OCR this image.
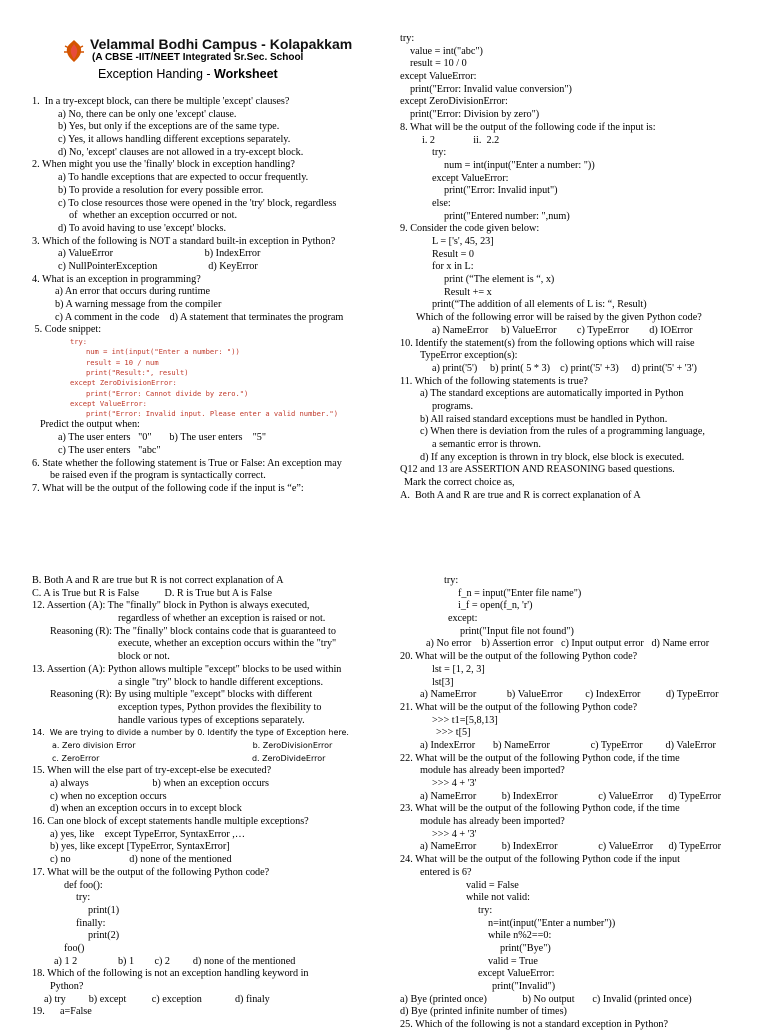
Velammal Bodhi Campus - Kolapakkam
(A CBSE -IIT/NEET Integrated Sr.Sec. School
Exception Handing - Worksheet
1.  In a try-except block, can there be multiple 'except' clauses?
a) No, there can be only one 'except' clause.
b) Yes, but only if the exceptions are of the same type.
c) Yes, it allows handling different exceptions separately.
d) No, 'except' clauses are not allowed in a try-except block.
2. When might you use the 'finally' block in exception handling?
a) To handle exceptions that are expected to occur frequently.
b) To provide a resolution for every possible error.
c) To close resources those were opened in the 'try' block, regardless
of  whether an exception occurred or not.
d) To avoid having to use 'except' blocks.
3. Which of the following is NOT a standard built-in exception in Python?
a) ValueError                                    b) IndexError
c) NullPointerException                    d) KeyError
4. What is an exception in programming?
a) An error that occurs during runtime
b) A warning message from the compiler
c) A comment in the code    d) A statement that terminates the program
5. Code snippet:
try:
num = int(input("Enter a number: "))
result = 10 / num
print("Result:", result)
except ZeroDivisionError:
print("Error: Cannot divide by zero.")
except ValueError:
print("Error: Invalid input. Please enter a valid number.")
Predict the output when:
a) The user enters   "0"       b) The user enters    "5"
c) The user enters   "abc"
6. State whether the following statement is True or False: An exception may
be raised even if the program is syntactically correct.
7. What will be the output of the following code if the input is “e”:
try:
value = int("abc")
result = 10 / 0
except ValueError:
print("Error: Invalid value conversion")
except ZeroDivisionError:
print("Error: Division by zero")
8. What will be the output of the following code if the input is:
i. 2               ii.  2.2
try:
num = int(input("Enter a number: "))
except ValueError:
print("Error: Invalid input")
else:
print("Entered number: ",num)
9. Consider the code given below:
L = ['s', 45, 23]
Result = 0
for x in L:
print (“The element is “, x)
Result += x
print(“The addition of all elements of L is: “, Result)
Which of the following error will be raised by the given Python code?
a) NameError     b) ValueError        c) TypeError        d) IOError
10. Identify the statement(s) from the following options which will raise
TypeError exception(s):
a) print('5')     b) print( 5 * 3)    c) print('5' +3)     d) print('5' + '3')
11. Which of the following statements is true?
a) The standard exceptions are automatically imported in Python
programs.
b) All raised standard exceptions must be handled in Python.
c) When there is deviation from the rules of a programming language,
a semantic error is thrown.
d) If any exception is thrown in try block, else block is executed.
Q12 and 13 are ASSERTION AND REASONING based questions.
Mark the correct choice as,
A.  Both A and R are true and R is correct explanation of A
B. Both A and R are true but R is not correct explanation of A
C. A is True but R is False          D. R is True but A is False
12. Assertion (A): The "finally" block in Python is always executed,
regardless of whether an exception is raised or not.
Reasoning (R): The "finally" block contains code that is guaranteed to
execute, whether an exception occurs within the "try"
block or not.
13. Assertion (A): Python allows multiple "except" blocks to be used within
a single "try" block to handle different exceptions.
Reasoning (R): By using multiple "except" blocks with different
exception types, Python provides the flexibility to
handle various types of exceptions separately.
14.  We are trying to divide a number by 0. Identify the type of Exception here.
a. Zero division Error                                              b. ZeroDivisionError
c. ZeroError                                                            d. ZeroDivideError
15. When will the else part of try-except-else be executed?
a) always                         b) when an exception occurs
c) when no exception occurs
d) when an exception occurs in to except block
16. Can one block of except statements handle multiple exceptions?
a) yes, like    except TypeError, SyntaxError ,…
b) yes, like except [TypeError, SyntaxError]
c) no                       d) none of the mentioned
17. What will be the output of the following Python code?
def foo():
try:
print(1)
finally:
print(2)
foo()
a) 1 2                b) 1        c) 2         d) none of the mentioned
18. Which of the following is not an exception handling keyword in
Python?
a) try         b) except          c) exception             d) finaly
19.      a=False
try:
f_n = input("Enter file name")
i_f = open(f_n, 'r')
except:
print("Input file not found")
a) No error    b) Assertion error   c) Input output error   d) Name error
20. What will be the output of the following Python code?
lst = [1, 2, 3]
lst[3]
a) NameError            b) ValueError         c) IndexError          d) TypeError
21. What will be the output of the following Python code?
>>> t1=[5,8,13]
>>> t[5]
a) IndexError       b) NameError                c) TypeError         d) ValeError
22. What will be the output of the following Python code, if the time
module has already been imported?
>>> 4 + '3'
a) NameError          b) IndexError                c) ValueError      d) TypeError
23. What will be the output of the following Python code, if the time
module has already been imported?
>>> 4 + '3'
a) NameError          b) IndexError                c) ValueError      d) TypeError
24. What will be the output of the following Python code if the input
entered is 6?
valid = False
while not valid:
try:
n=int(input("Enter a number"))
while n%2==0:
print("Bye")
valid = True
except ValueError:
print("Invalid")
a) Bye (printed once)              b) No output       c) Invalid (printed once)
d) Bye (printed infinite number of times)
25. Which of the following is not a standard exception in Python?
